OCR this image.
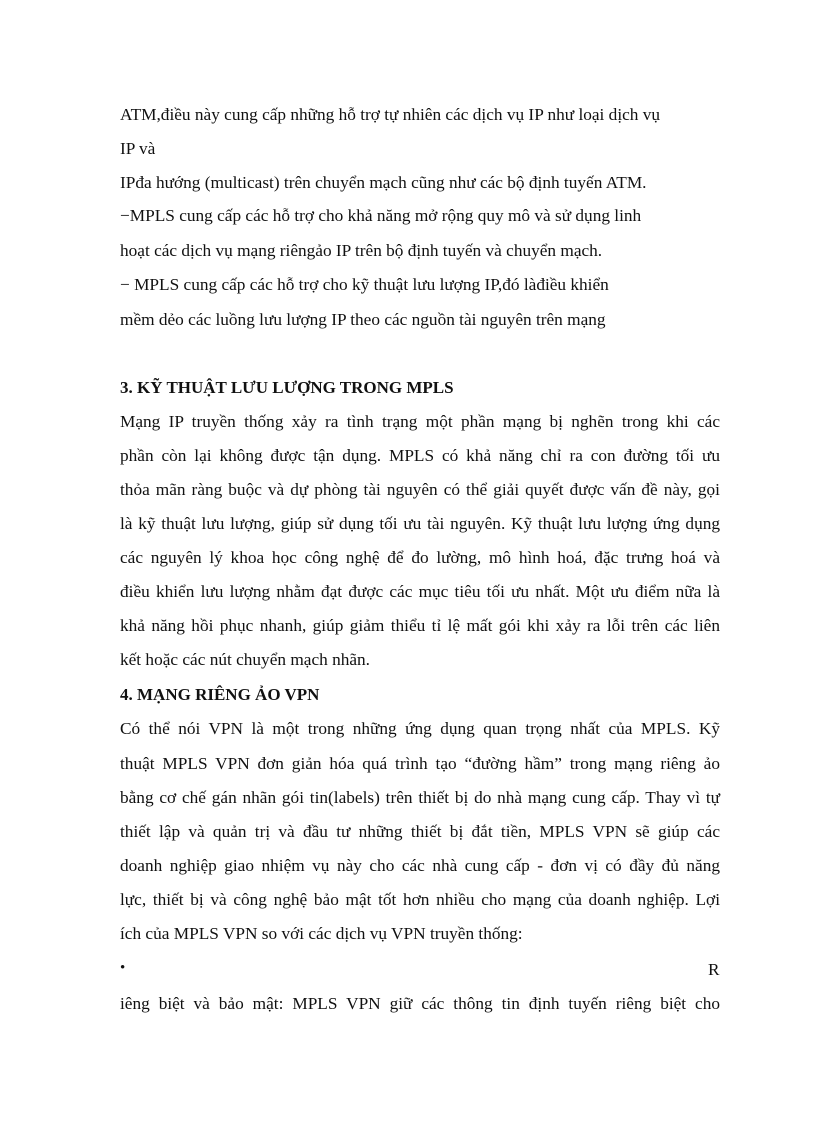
ATM,điều này cung cấp những hỗ trợ tự nhiên các dịch vụ IP như loại dịch vụ
IP và
IPđa hướng (multicast) trên chuyển mạch cũng như các bộ định tuyến ATM.
−MPLS cung cấp các hỗ trợ cho khả năng mở rộng quy mô và sử dụng linh
hoạt các dịch vụ mạng riêngảo IP trên bộ định tuyến và chuyển mạch.
− MPLS cung cấp các hỗ trợ cho kỹ thuật lưu lượng IP,đó làđiều khiển
mềm dẻo các luồng lưu lượng IP theo các nguồn tài nguyên trên mạng
3. KỸ THUẬT LƯU LƯỢNG TRONG MPLS
Mạng IP truyền thống xảy ra tình trạng một phần mạng bị nghẽn trong khi các
phần còn lại không được tận dụng. MPLS có khả năng chỉ ra con đường tối ưu
thỏa mãn ràng buộc và dự phòng tài nguyên có thể giải quyết được vấn đề này, gọi
là kỹ thuật lưu lượng, giúp sử dụng tối ưu tài nguyên. Kỹ thuật lưu lượng ứng dụng
các nguyên lý khoa học công nghệ để đo lường, mô hình hoá, đặc trưng hoá và
điều khiển lưu lượng nhằm đạt được các mục tiêu tối ưu nhất. Một ưu điểm nữa là
khả năng hồi phục nhanh, giúp giảm thiểu tỉ lệ mất gói khi xảy ra lỗi trên các liên
kết hoặc các nút chuyển mạch nhãn.
4. MẠNG RIÊNG ẢO VPN
Có thể nói VPN là một trong những ứng dụng quan trọng nhất của MPLS. Kỹ
thuật MPLS VPN đơn giản hóa quá trình tạo “đường hầm” trong mạng riêng ảo
bằng cơ chế gán nhãn gói tin(labels) trên thiết bị do nhà mạng cung cấp. Thay vì tự
thiết lập và quản trị và đầu tư những thiết bị đắt tiền, MPLS VPN sẽ giúp các
doanh nghiệp giao nhiệm vụ này cho các nhà cung cấp - đơn vị có đầy đủ năng
lực, thiết bị và công nghệ bảo mật tốt hơn nhiều cho mạng của doanh nghiệp. Lợi
ích của MPLS VPN so với các dịch vụ VPN truyền thống:
•	R
iêng biệt và bảo mật: MPLS VPN giữ các thông tin định tuyến riêng biệt cho
